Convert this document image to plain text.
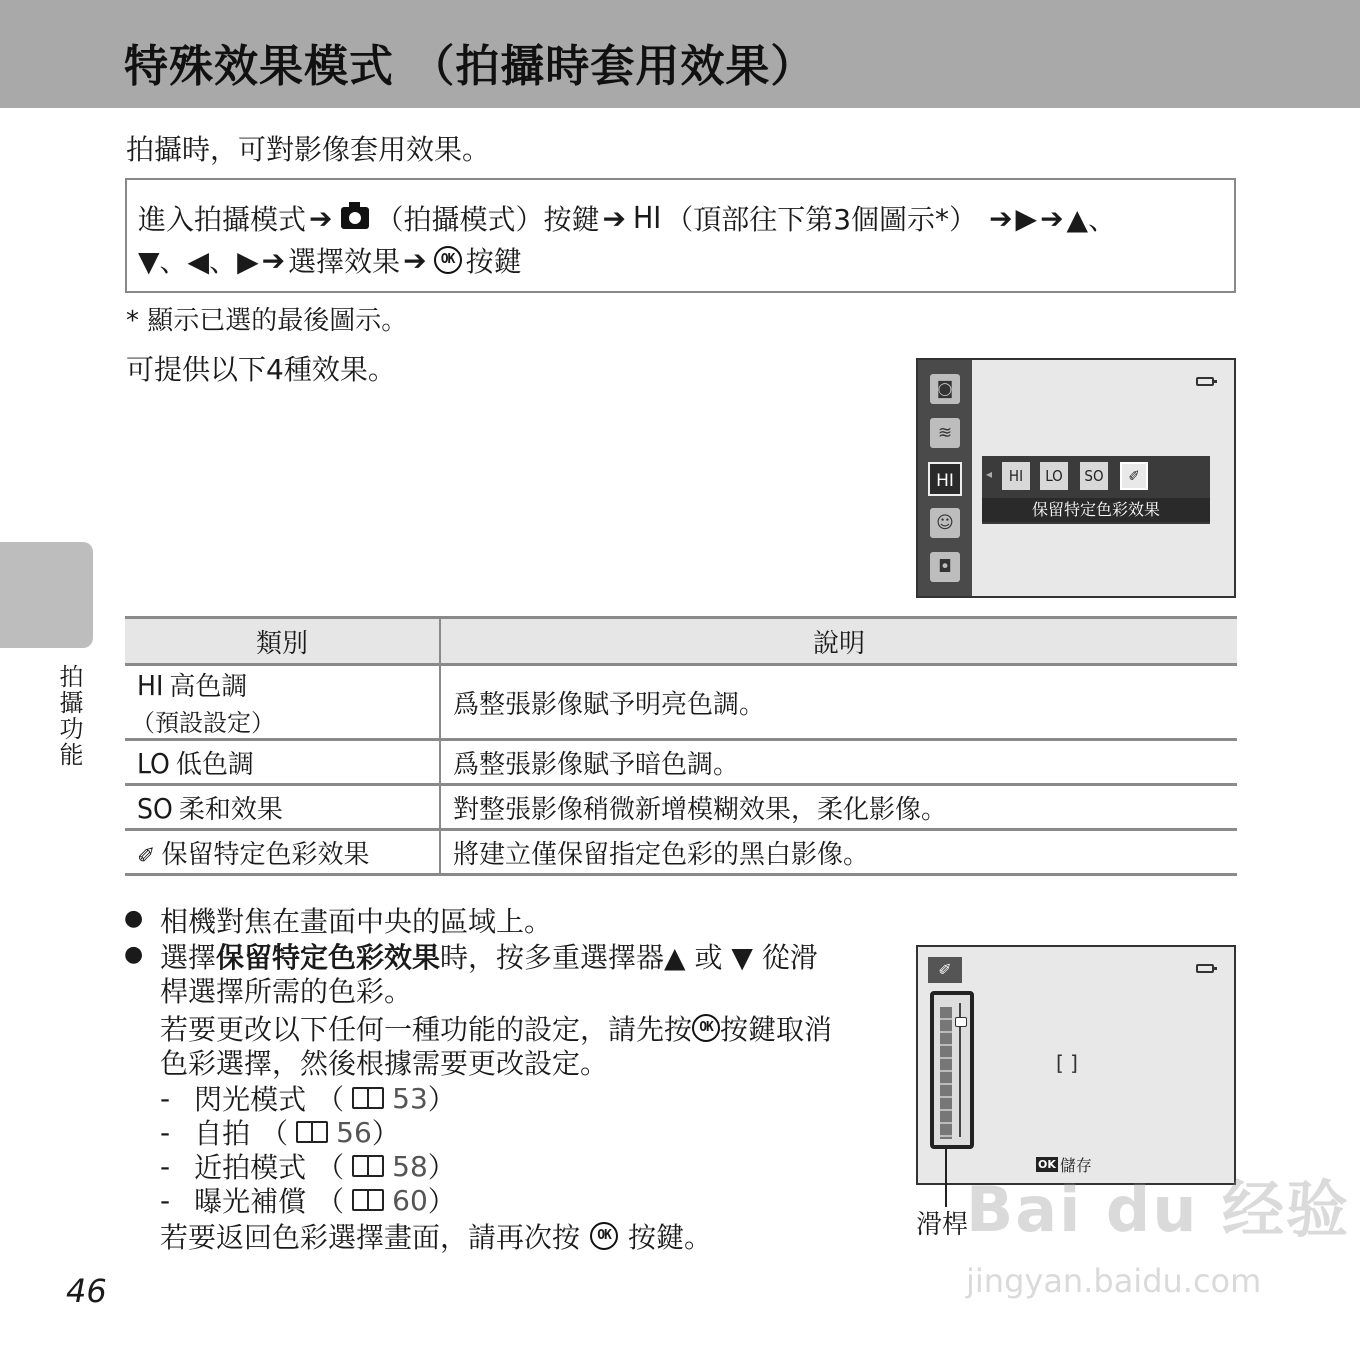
特殊效果模式 （拍攝時套用效果）
拍攝時，可對影像套用效果。
進入拍攝模式 ➔ （拍攝模式）按鍵 ➔ HI （頂部往下第3個圖示*） ➔ ▶ ➔ ▲、
▼、◀、▶ ➔ 選擇效果 ➔	OK 按鍵
* 顯示已選的最後圖示。
可提供以下4種效果。
◙
≋
HI
☺
◘
◂	HI	LO	SO	✐
保留特定色彩效果
類別	說明
HI 高色調
（預設設定）	爲整張影像賦予明亮色調。
LO 低色調	爲整張影像賦予暗色調。
SO 柔和效果	對整張影像稍微新增模糊效果，柔化影像。
✐ 保留特定色彩效果	將建立僅保留指定色彩的黑白影像。
拍攝功能
● 相機對焦在畫面中央的區域上。
● 選擇保留特定色彩效果時，按多重選擇器▲ 或 ▼ 從滑
桿選擇所需的色彩。
若要更改以下任何一種功能的設定，請先按 OK 按鍵取消
色彩選擇，然後根據需要更改設定。
- 閃光模式 （ 53 ）
- 自拍 （ 56 ）
- 近拍模式 （ 58 ）
- 曝光補償 （ 60 ）
若要返回色彩選擇畫面，請再次按	OK 按鍵。
✐
[ ]
OK 儲存
滑桿
46
Bai du 经验
jingyan.baidu.com
